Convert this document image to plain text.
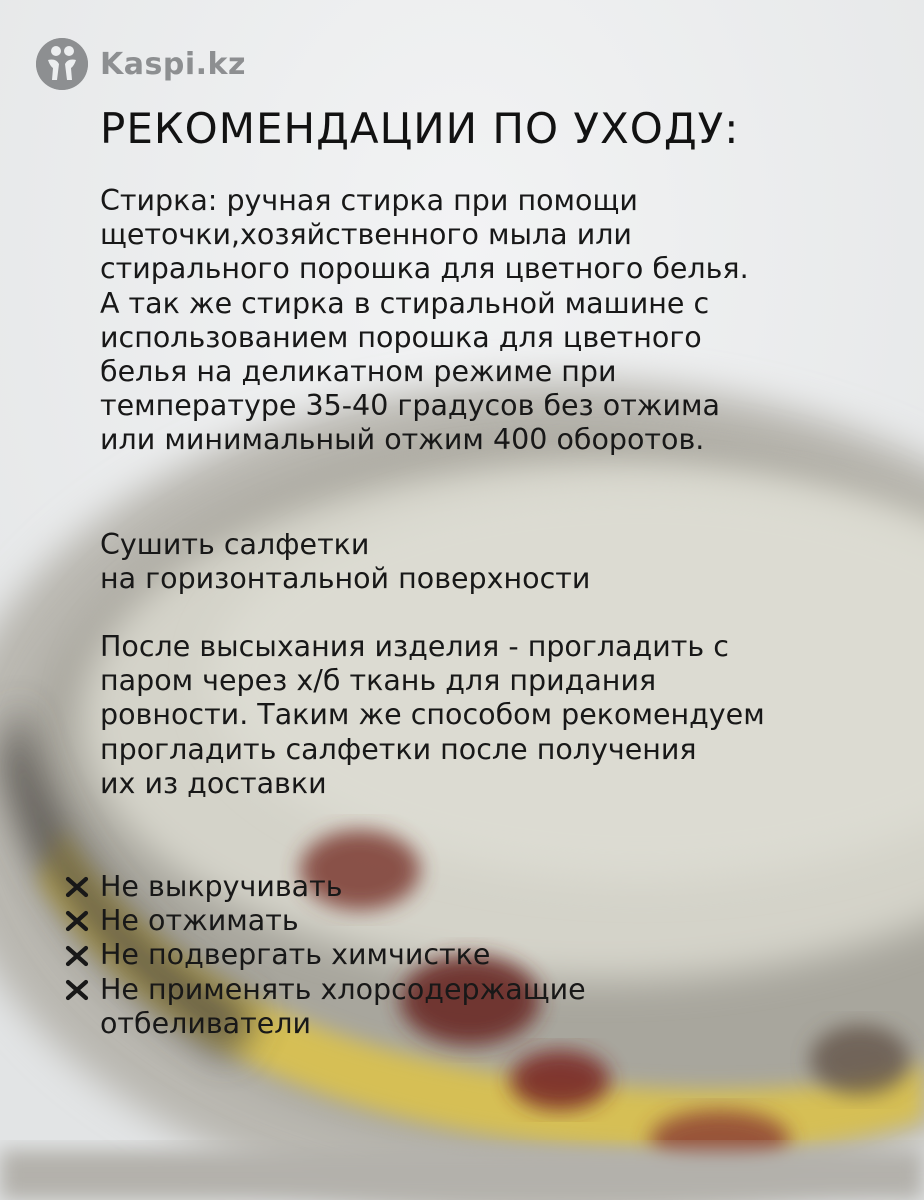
Kaspi.kz
РЕКОМЕНДАЦИИ ПО УХОДУ:
Стирка: ручная стирка при помощи
щеточки,хозяйственного мыла или
стирального порошка для цветного белья.
А так же стирка в стиральной машине с
использованием порошка для цветного
белья на деликатном режиме при
температуре 35-40 градусов без отжима
или минимальный отжим 400 оборотов.
Сушить салфетки
на горизонтальной поверхности
После высыхания изделия - прогладить с
паром через х/б ткань для придания
ровности. Таким же способом рекомендуем
прогладить салфетки после получения
их из доставки
Не выкручивать
Не отжимать
Не подвергать химчистке
Не применять хлорсодержащие
отбеливатели
